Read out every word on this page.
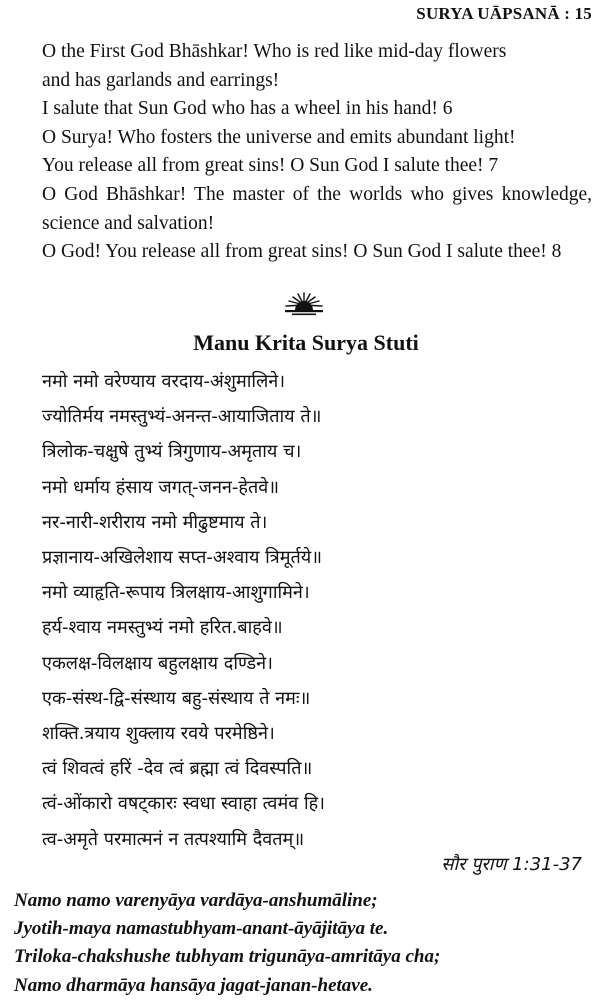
SURYA UĀPSANĀ : 15

O the First God Bhāshkar! Who is red like mid-day flowers

and has garlands and earrings!

I salute that Sun God who has a wheel in his hand! 6

O Surya! Who fosters the universe and emits abundant light!

You release all from great sins! O Sun God I salute thee! 7

O God Bhāshkar! The master of the worlds who gives knowledge, science and salvation!

O God! You release all from great sins! O Sun God I salute thee! 8

Manu Krita Surya Stuti
नमो नमो वरेण्याय वरदाय-अंशुमालिने।
ज्योतिर्मय नमस्तुभ्यं-अनन्त-आयाजिताय ते॥
त्रिलोक-चक्षुषे तुभ्यं त्रिगुणाय-अमृताय च।
नमो धर्माय हंसाय जगत्-जनन-हेतवे॥
नर-नारी-शरीराय नमो मीढुष्टमाय ते।
प्रज्ञानाय-अखिलेशाय सप्त-अश्वाय त्रिमूर्तये॥
नमो व्याहृति-रूपाय त्रिलक्षाय-आशुगामिने।
हर्य-श्वाय नमस्तुभ्यं नमो हरित.बाहवे॥
एकलक्ष-विलक्षाय बहुलक्षाय दण्डिने।
एक-संस्थ-द्वि-संस्थाय बहु-संस्थाय ते नमः॥
शक्ति.त्रयाय शुक्लाय रवये परमेष्ठिने।
त्वं शिवत्वं हरिं -देव त्वं ब्रह्मा त्वं दिवस्पति॥
त्वं-ओंकारो वषट्कारः स्वधा स्वाहा त्वमंव हि।
त्व-अमृते परमात्मनं न तत्पश्यामि दैवतम्॥
सौर पुराण 1:31-37
Namo namo varenyāya vardāya-anshumāline;
Jyotih-maya namastubhyam-anant-āyājitāya te.
Triloka-chakshushe tubhyam trigunāya-amritāya cha;
Namo dharmāya hansāya jagat-janan-hetave.
